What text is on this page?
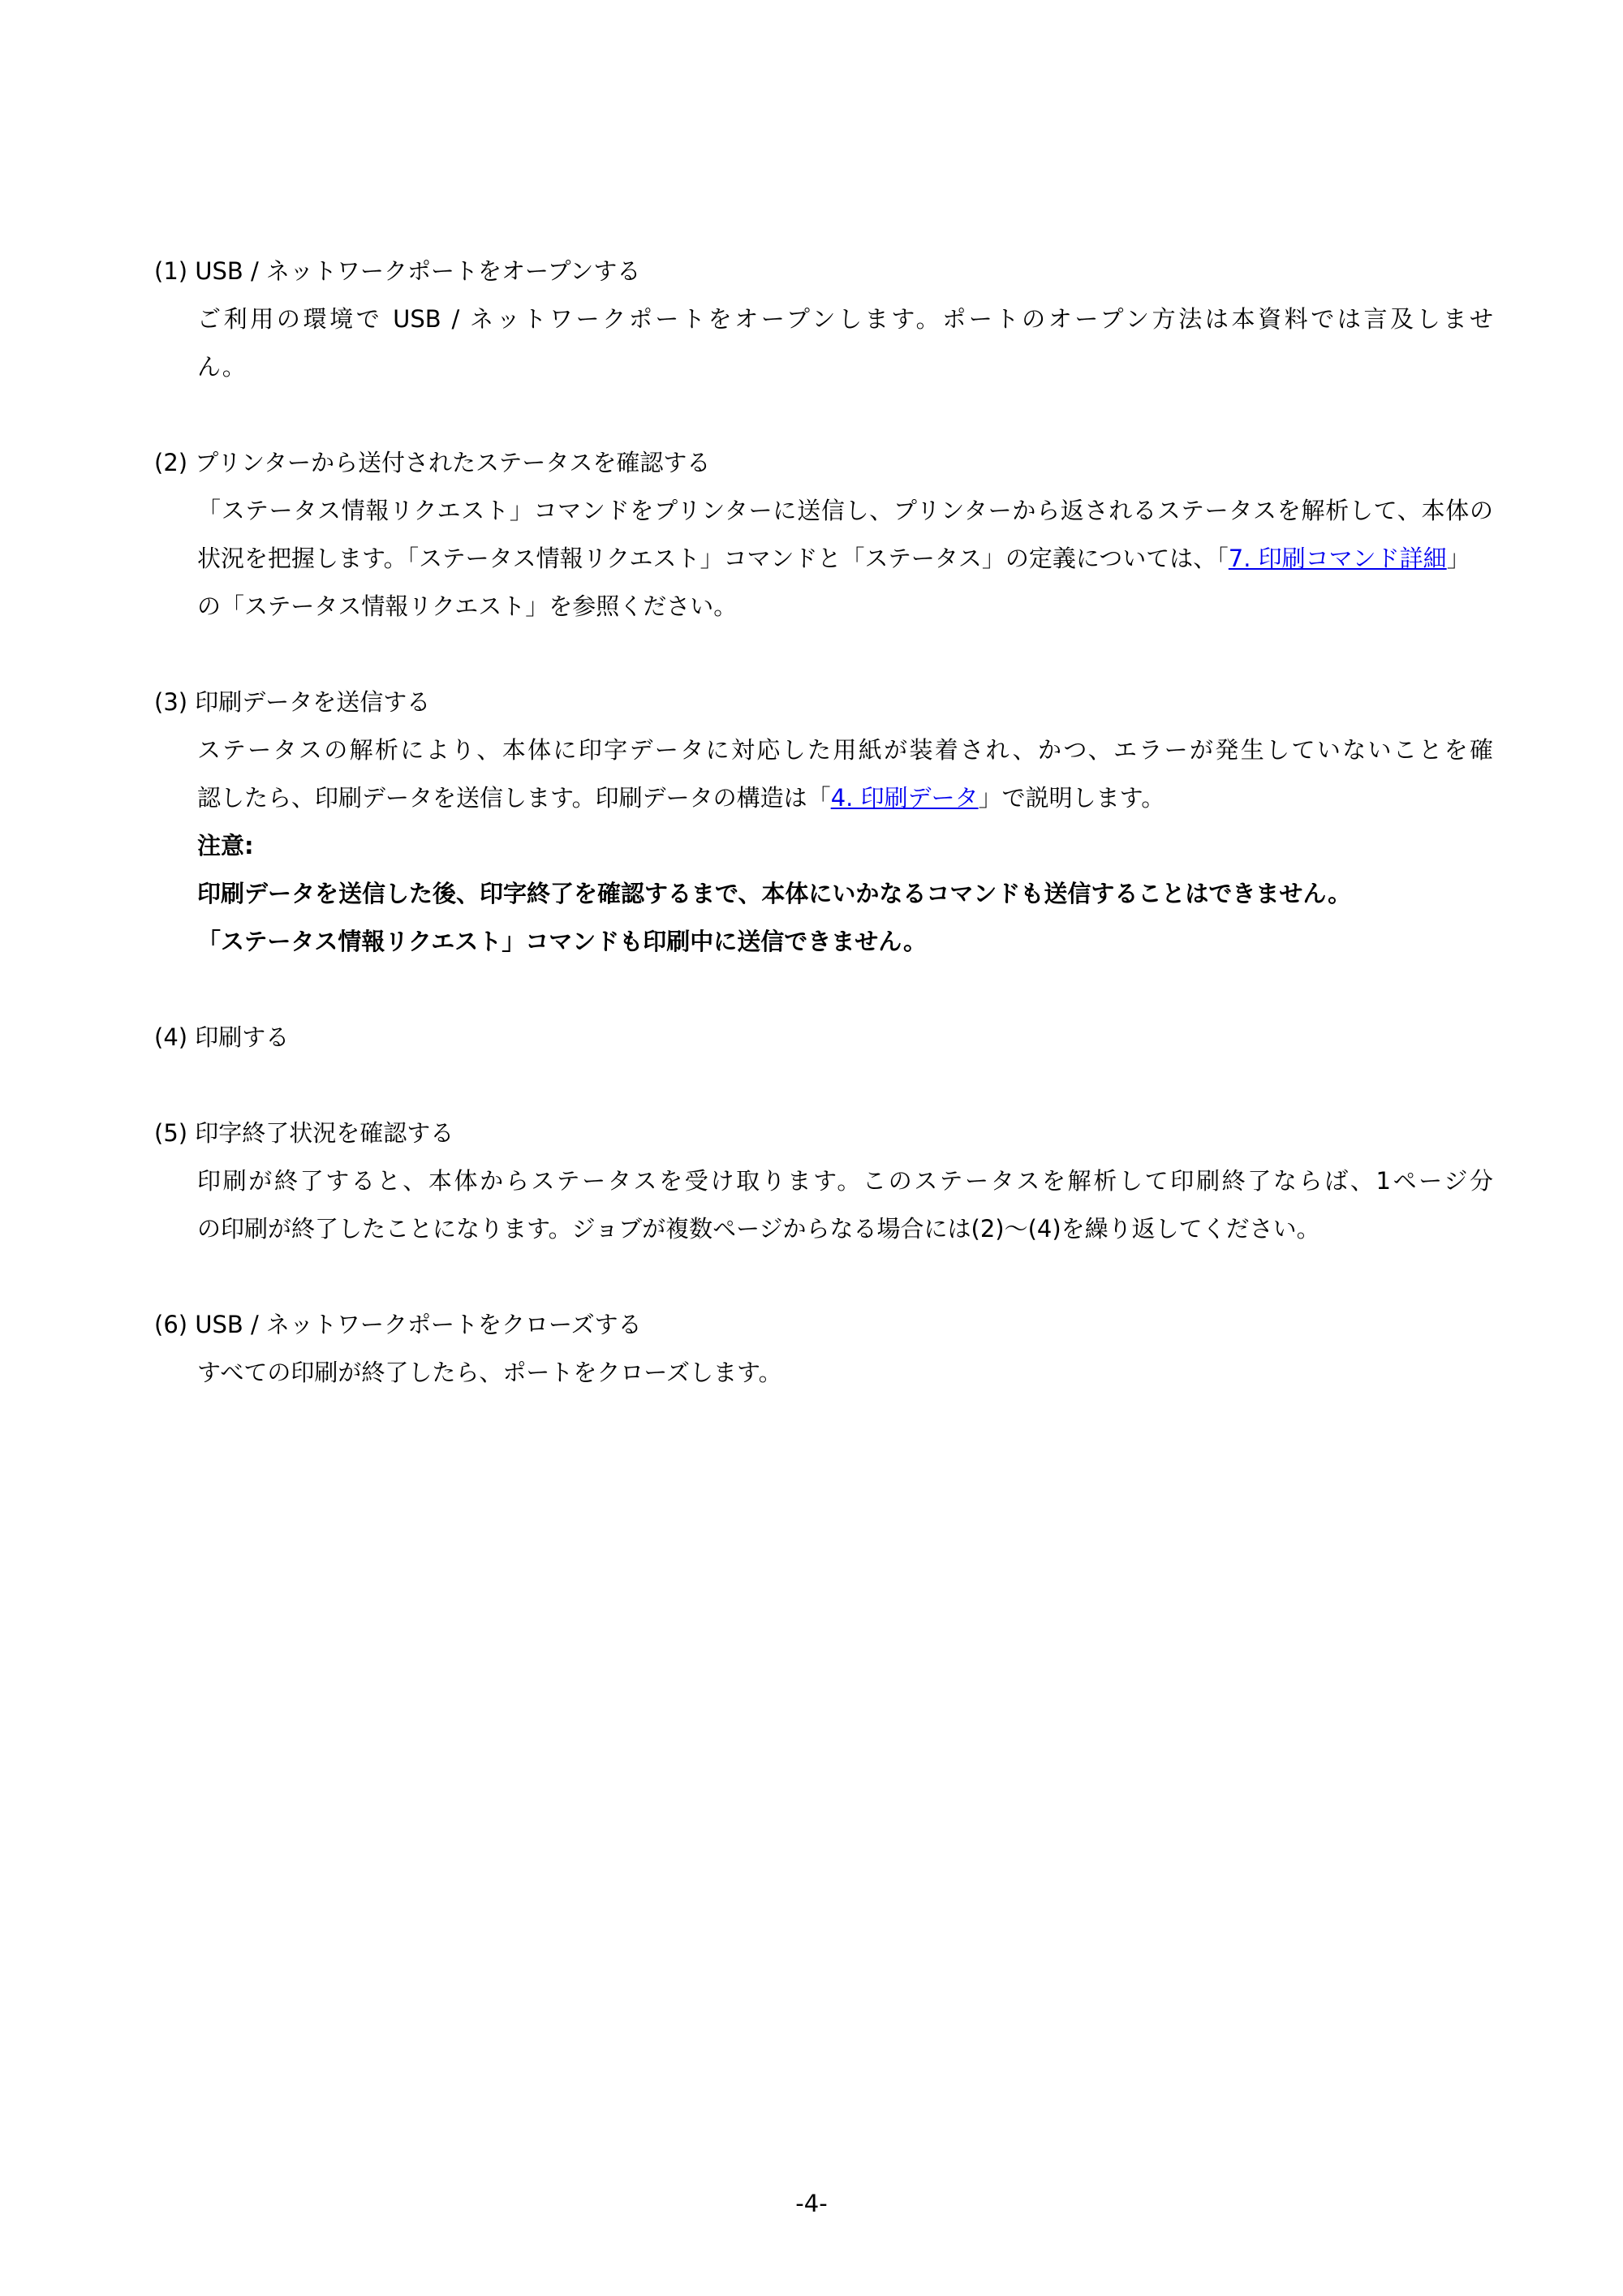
(1) USB / ネットワークポートをオープンする
ご利用の環境で USB / ネットワークポートをオープンします。ポートのオープン方法は本資料では言及しませ
ん。
(2) プリンターから送付されたステータスを確認する
「ステータス情報リクエスト」コマンドをプリンターに送信し、プリンターから返されるステータスを解析して、本体の
状況を把握します。「ステータス情報リクエスト」コマンドと「ステータス」の定義については、「7. 印刷コマンド詳細」
の「ステータス情報リクエスト」を参照ください。
(3) 印刷データを送信する
ステータスの解析により、本体に印字データに対応した用紙が装着され、かつ、エラーが発生していないことを確
認したら、印刷データを送信します。印刷データの構造は「4. 印刷データ」で説明します。
注意:
印刷データを送信した後、印字終了を確認するまで、本体にいかなるコマンドも送信することはできません。
「ステータス情報リクエスト」コマンドも印刷中に送信できません。
(4) 印刷する
(5) 印字終了状況を確認する
印刷が終了すると、本体からステータスを受け取ります。このステータスを解析して印刷終了ならば、1ページ分
の印刷が終了したことになります。ジョブが複数ページからなる場合には(2)～(4)を繰り返してください。
(6) USB / ネットワークポートをクローズする
すべての印刷が終了したら、ポートをクローズします。
-4-
